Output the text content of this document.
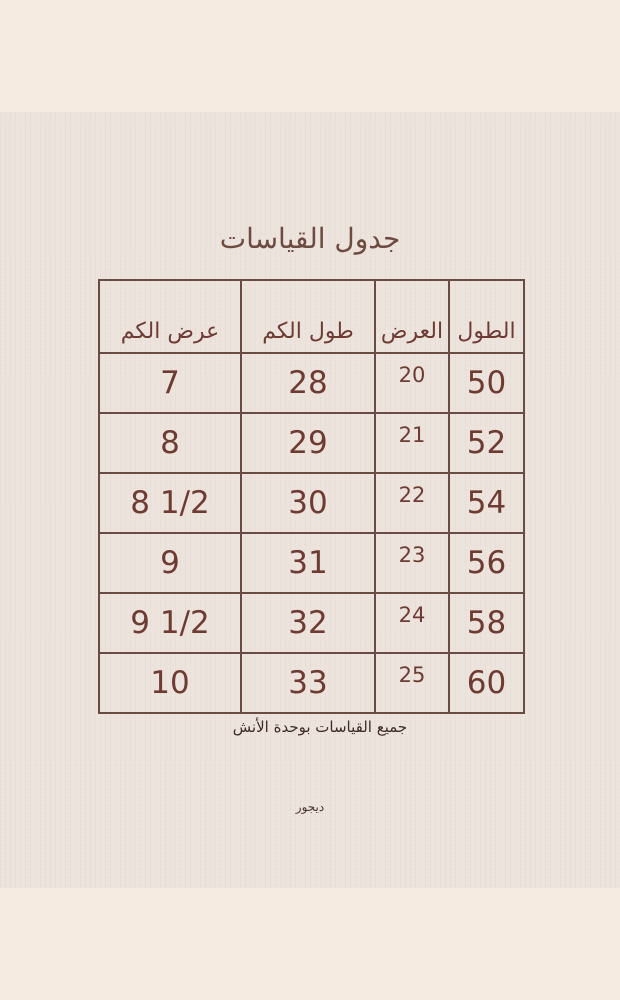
جدول القياسات
عرض الكم	طول الكم	العرض	الطول
7	28	20	50
8	29	21	52
8 1/2	30	22	54
9	31	23	56
9 1/2	32	24	58
10	33	25	60
جميع القياسات بوحدة الأنش
ديجور
